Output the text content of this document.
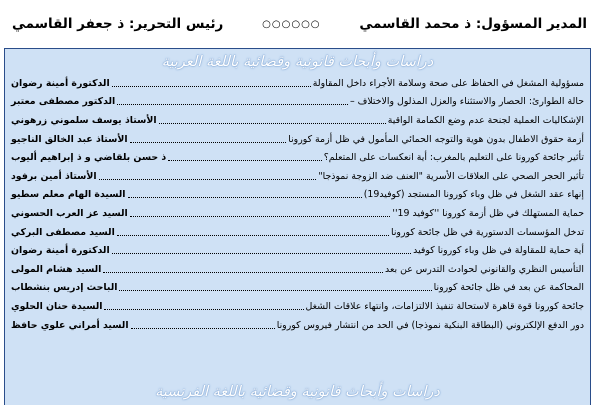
المدير المسؤول: ذ محمد القاسمي
○○○○○○
رئيس التحرير: ذ جعفر القاسمي
دراسات وأبحاث قانونية وقضائية باللغة العربية
مسؤولية المشغل في الحفاظ على صحة وسلامة الأجراء داخل المقاولة
الدكتورة أمينة رضوان
حالة الطوارئ: الحصار والاستثناء والعزل المذلول والاختلاف –
الدكتور مصطفى معتبر
الإشكاليات العملية لجنحة عدم وضع الكمامة الواقية
الأستاذ يوسف سلموني زرهوني
أزمة حقوق الاطفال بدون هوية والتوجه الحمائي المأمول في ظل أزمة كورونا
الأستاذ عبد الخالق الناجيو
تأثير جائحة كورونا على التعليم بالمغرب: أية انعكسات على المتعلم؟
ذ حسن بلقاضي و ذ إبراهيم أليوب
تأثير الحجر الصحي على العلاقات الأسرية "العنف ضد الزوجة نموذجا"
الأستاذ أمين برفود
إنهاء عقد الشغل في ظل وباء كورونا المستجد (كوفيد19)
السيدة الهام معلم سطيو
حماية المستهلك في ظل أزمة كورونا ''كوفيد 19''
السيد عز العرب الحسوني
تدخل المؤسسات الدستورية في ظل جائحة كورونا
السيد مصطفى البركي
أية حماية للمقاولة في ظل وباء كورونا كوفيد
الدكتورة أمينة رضوان
التأسيس النظري والقانوني لحوادث التدرس عن بعد
السيد هشام المولى
المحاكمة عن بعد في ظل جائحة كورونا
الباحث إدريس بنشطاب
جائحة كورونا قوة قاهرة لاستحالة تنفيذ الالتزامات، وانتهاء علاقات الشغل
السيدة حنان الحلوي
دور الدفع الإلكتروني (البطاقة البنكية نموذجا) في الحد من انتشار فيروس كورونا
السيد أمراني علوي حافظ
دراسات وأبحاث قانونية وقضائية باللغة الفرنسية
